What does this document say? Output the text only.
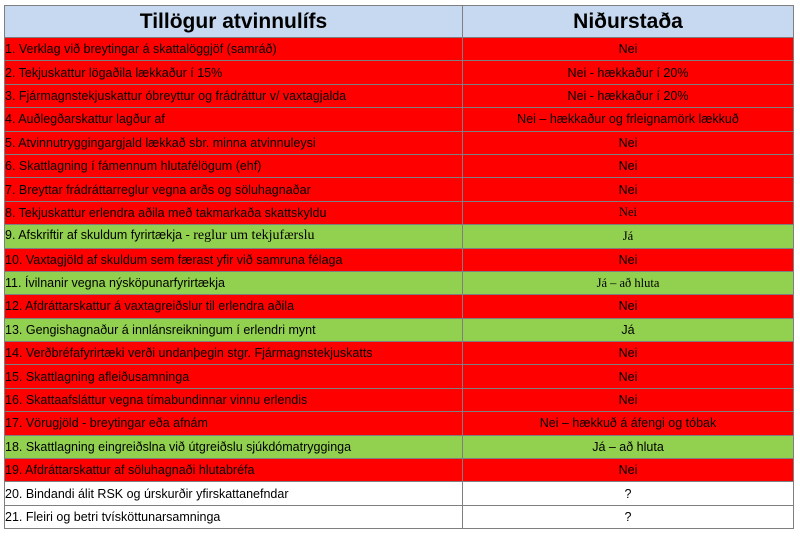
Tillögur atvinnulífs	Niðurstaða
1. Verklag við breytingar á skattalöggjöf (samráð)	Nei
2. Tekjuskattur lögaðila lækkaður í 15%	Nei - hækkaður í 20%
3. Fjármagnstekjuskattur óbreyttur og frádráttur v/ vaxtagjalda	Nei - hækkaður í 20%
4. Auðlegðarskattur lagður af	Nei – hækkaður og frleignamörk lækkuð
5. Atvinnutryggingargjald lækkað sbr. minna atvinnuleysi	Nei
6. Skattlagning í fámennum hlutafélögum (ehf)	Nei
7. Breyttar frádráttarreglur vegna arðs og söluhagnaðar	Nei
8. Tekjuskattur erlendra aðila með takmarkaða skattskyldu	Nei
9. Afskriftir af skuldum fyrirtækja - reglur um tekjufærslu	Já
10. Vaxtagjöld af skuldum sem færast yfir við samruna félaga	Nei
11. Ívilnanir vegna nýsköpunarfyrirtækja	Já – að hluta
12. Afdráttarskattur á vaxtagreiðslur til erlendra aðila	Nei
13. Gengishagnaður á innlánsreikningum í erlendri mynt	Já
14. Verðbréfafyrirtæki verði undanþegin stgr. Fjármagnstekjuskatts	Nei
15. Skattlagning afleiðusamninga	Nei
16. Skattaafsláttur vegna tímabundinnar vinnu erlendis	Nei
17. Vörugjöld - breytingar eða afnám	Nei – hækkuð á áfengi og tóbak
18. Skattlagning eingreiðslna við útgreiðslu sjúkdómatrygginga	Já – að hluta
19. Afdráttarskattur af söluhagnaði hlutabréfa	Nei
20. Bindandi álit RSK og úrskurðir yfirskattanefndar	?
21. Fleiri og betri tvísköttunarsamninga	?
